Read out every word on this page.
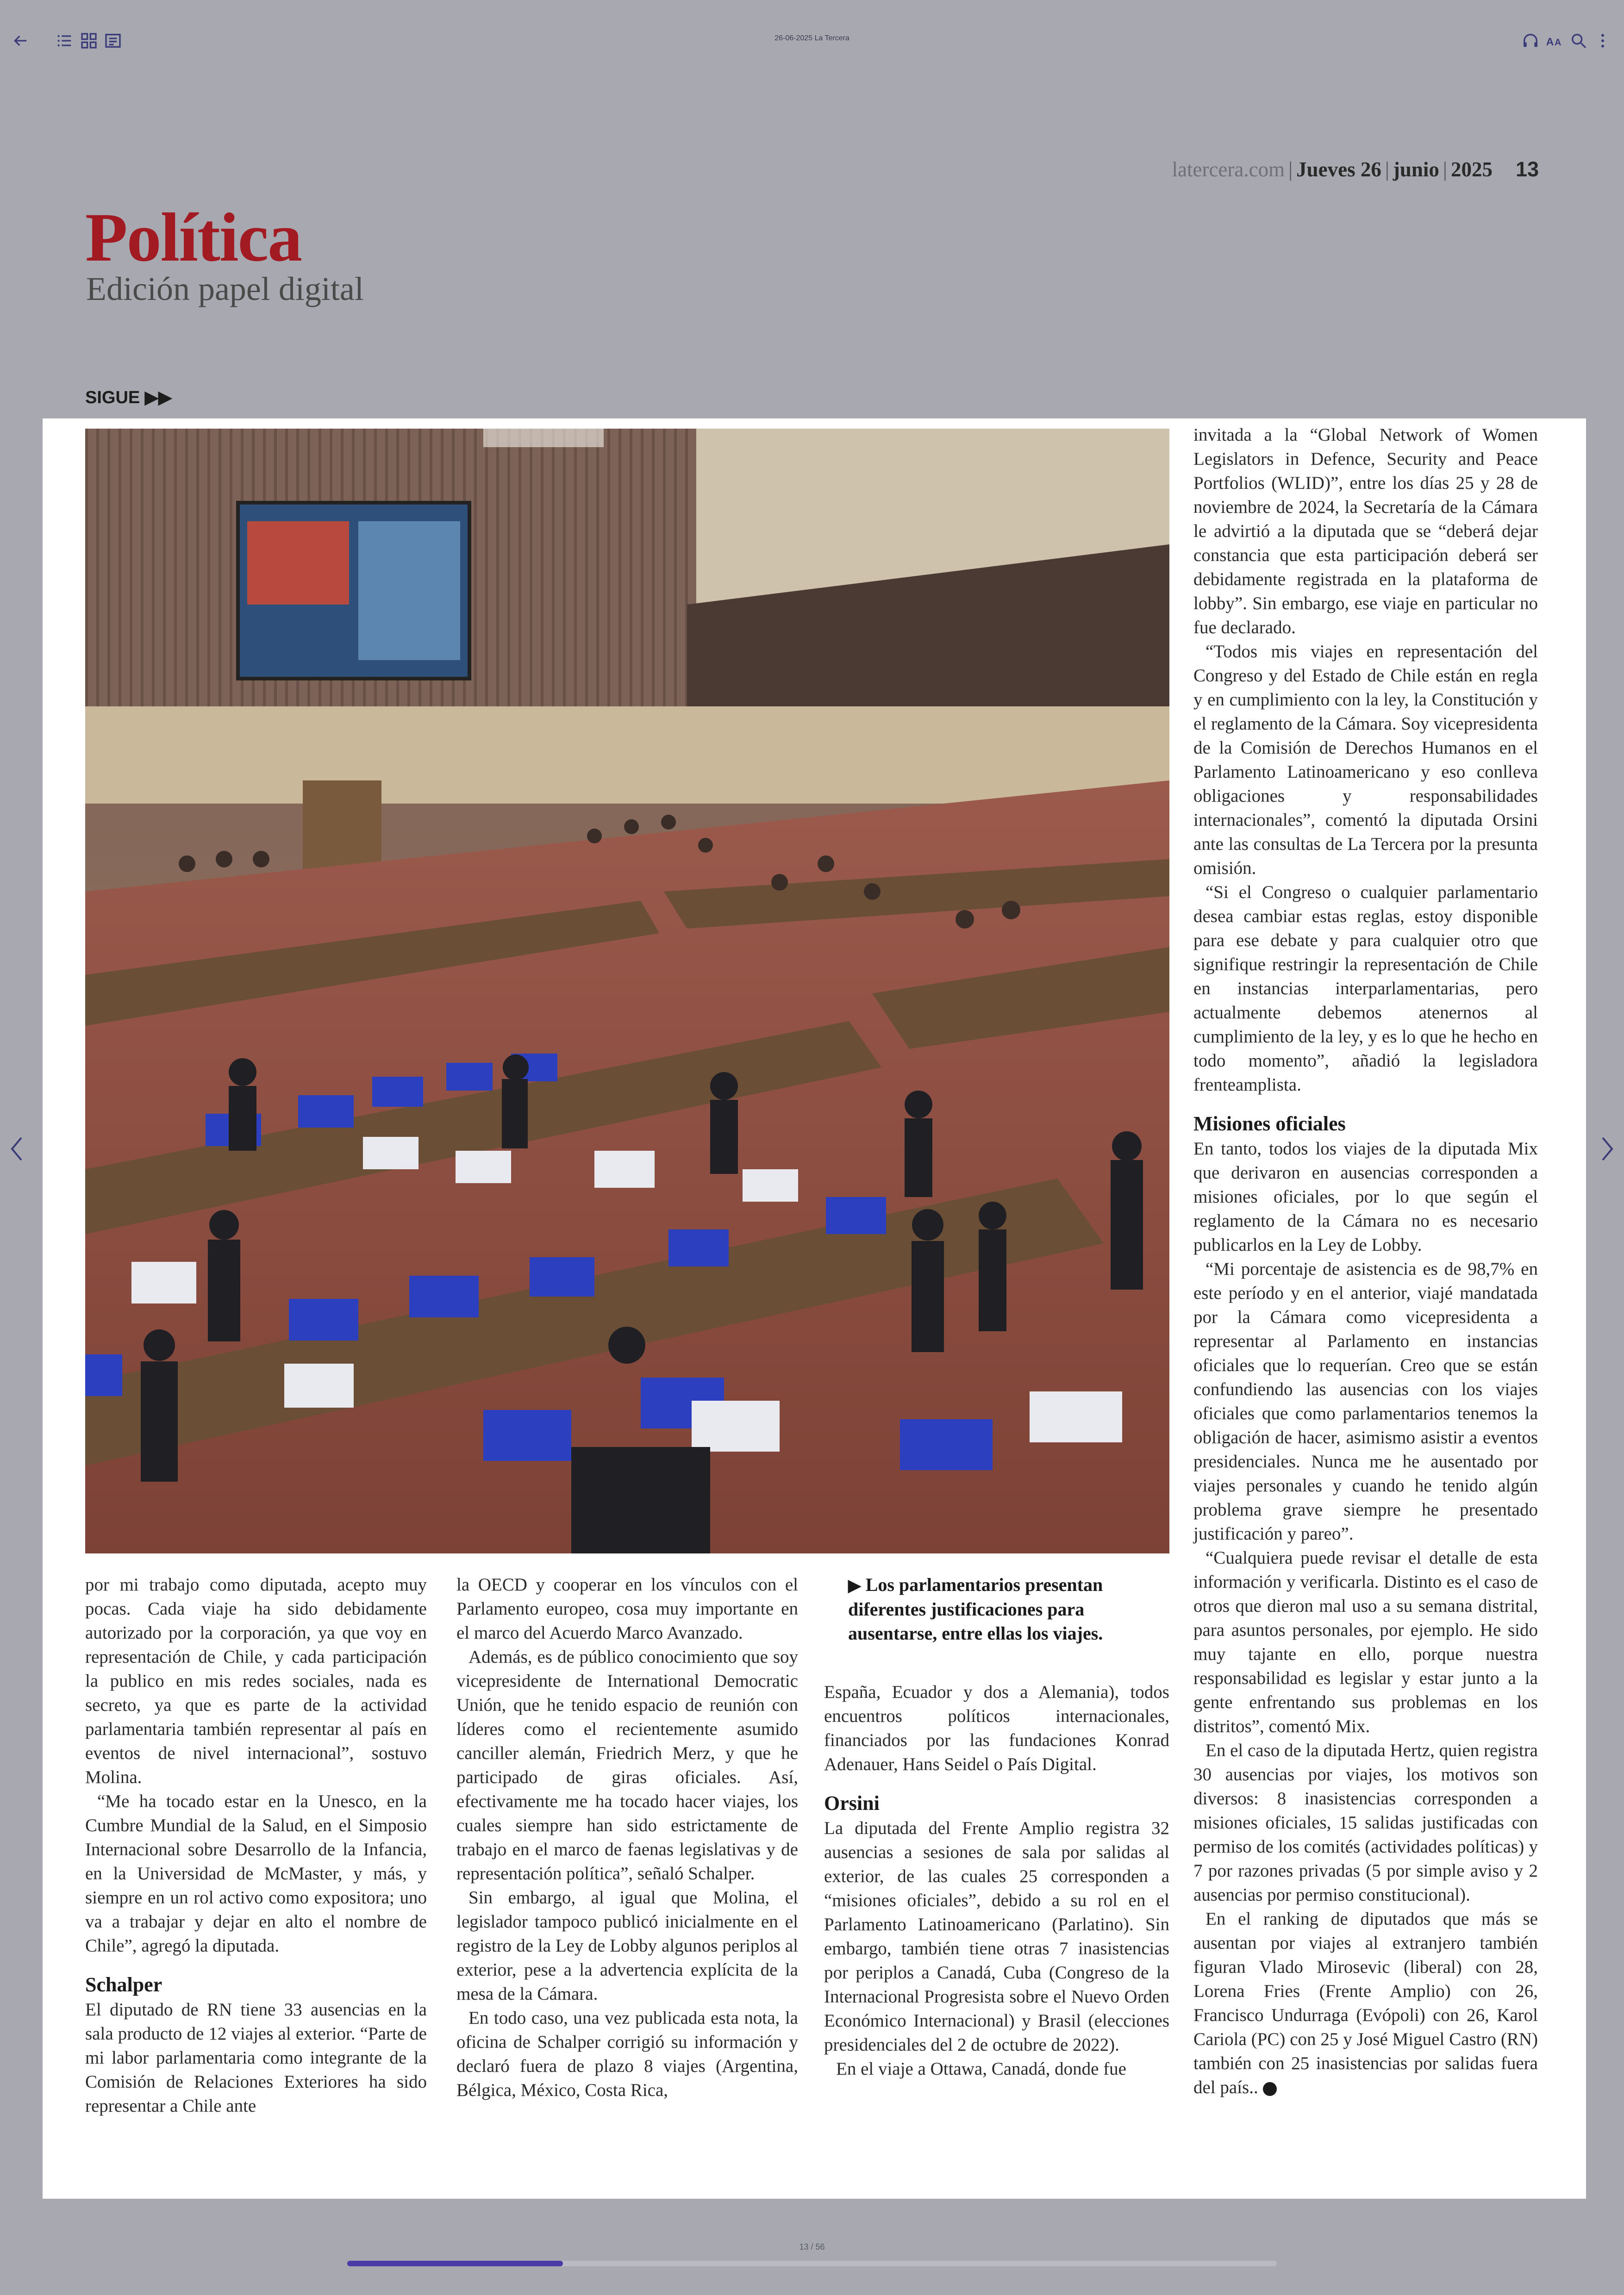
26-06-2025 La Tercera	A A
latercera.com | Jueves 26 | junio | 2025 13
Política
Edición papel digital
SIGUE ▶▶

por mi trabajo como diputada, acepto muy pocas. Cada viaje ha sido debidamente autorizado por la corporación, ya que voy en representación de Chile, y cada participación la publico en mis redes sociales, nada es secreto, ya que es parte de la actividad parlamentaria también representar al país en eventos de nivel internacional”, sostuvo Molina.

“Me ha tocado estar en la Unesco, en la Cumbre Mundial de la Salud, en el Simposio Internacional sobre Desarrollo de la Infancia, en la Universidad de McMaster, y más, y siempre en un rol activo como expositora; uno va a trabajar y dejar en alto el nombre de Chile”, agregó la diputada.

Schalper

El diputado de RN tiene 33 ausencias en la sala producto de 12 viajes al exterior. “Parte de mi labor parlamentaria como integrante de la Comisión de Relaciones Exteriores ha sido representar a Chile ante

la OECD y cooperar en los vínculos con el Parlamento europeo, cosa muy importante en el marco del Acuerdo Marco Avanzado.

Además, es de público conocimiento que soy vicepresidente de International Democratic Unión, que he tenido espacio de reunión con líderes como el recientemente asumido canciller alemán, Friedrich Merz, y que he participado de giras oficiales. Así, efectivamente me ha tocado hacer viajes, los cuales siempre han sido estrictamente de trabajo en el marco de faenas legislativas y de representación política”, señaló Schalper.

Sin embargo, al igual que Molina, el legislador tampoco publicó inicialmente en el registro de la Ley de Lobby algunos periplos al exterior, pese a la advertencia explícita de la mesa de la Cámara.

En todo caso, una vez publicada esta nota, la oficina de Schalper corrigió su información y declaró fuera de plazo 8 viajes (Argentina, Bélgica, México, Costa Rica,

▶ Los parlamentarios presentan diferentes justificaciones para ausentarse, entre ellas los viajes.

España, Ecuador y dos a Alemania), todos encuentros políticos internacionales, financiados por las fundaciones Konrad Adenauer, Hans Seidel o País Digital.

Orsini

La diputada del Frente Amplio registra 32 ausencias a sesiones de sala por salidas al exterior, de las cuales 25 corresponden a “misiones oficiales”, debido a su rol en el Parlamento Latinoamericano (Parlatino). Sin embargo, también tiene otras 7 inasistencias por periplos a Canadá, Cuba (Congreso de la Internacional Progresista sobre el Nuevo Orden Económico Internacional) y Brasil (elecciones presidenciales del 2 de octubre de 2022).

En el viaje a Ottawa, Canadá, donde fue

invitada a la “Global Network of Women Legislators in Defence, Security and Peace Portfolios (WLID)”, entre los días 25 y 28 de noviembre de 2024, la Secretaría de la Cámara le advirtió a la diputada que se “deberá dejar constancia que esta participación deberá ser debidamente registrada en la plataforma de lobby”. Sin embargo, ese viaje en particular no fue declarado.

“Todos mis viajes en representación del Congreso y del Estado de Chile están en regla y en cumplimiento con la ley, la Constitución y el reglamento de la Cámara. Soy vicepresidenta de la Comisión de Derechos Humanos en el Parlamento Latinoamericano y eso conlleva obligaciones y responsabilidades internacionales”, comentó la diputada Orsini ante las consultas de La Tercera por la presunta omisión.

“Si el Congreso o cualquier parlamentario desea cambiar estas reglas, estoy disponible para ese debate y para cualquier otro que signifique restringir la representación de Chile en instancias interparlamentarias, pero actualmente debemos atenernos al cumplimiento de la ley, y es lo que he hecho en todo momento”, añadió la legisladora frenteamplista.

Misiones oficiales

En tanto, todos los viajes de la diputada Mix que derivaron en ausencias corresponden a misiones oficiales, por lo que según el reglamento de la Cámara no es necesario publicarlos en la Ley de Lobby.

“Mi porcentaje de asistencia es de 98,7% en este período y en el anterior, viajé mandatada por la Cámara como vicepresidenta a representar al Parlamento en instancias oficiales que lo requerían. Creo que se están confundiendo las ausencias con los viajes oficiales que como parlamentarios tenemos la obligación de hacer, asimismo asistir a eventos presidenciales. Nunca me he ausentado por viajes personales y cuando he tenido algún problema grave siempre he presentado justificación y pareo”.

“Cualquiera puede revisar el detalle de esta información y verificarla. Distinto es el caso de otros que dieron mal uso a su semana distrital, para asuntos personales, por ejemplo. He sido muy tajante en ello, porque nuestra responsabilidad es legislar y estar junto a la gente enfrentando sus problemas en los distritos”, comentó Mix.

En el caso de la diputada Hertz, quien registra 30 ausencias por viajes, los motivos son diversos: 8 inasistencias corresponden a misiones oficiales, 15 salidas justificadas con permiso de los comités (actividades políticas) y 7 por razones privadas (5 por simple aviso y 2 ausencias por permiso constitucional).

En el ranking de diputados que más se ausentan por viajes al extranjero también figuran Vlado Mirosevic (liberal) con 28, Lorena Fries (Frente Amplio) con 26, Francisco Undurraga (Evópoli) con 26, Karol Cariola (PC) con 25 y José Miguel Castro (RN) también con 25 inasistencias por salidas fuera del país..

13 / 56
